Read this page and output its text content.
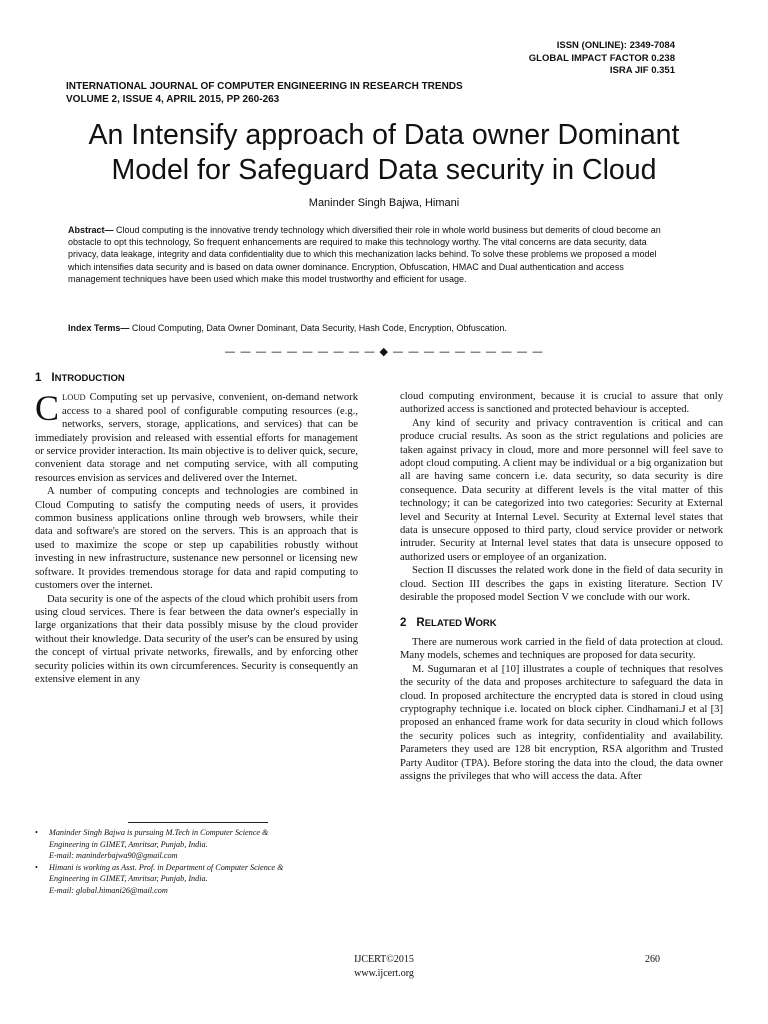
ISSN (ONLINE): 2349-7084
GLOBAL IMPACT FACTOR 0.238
ISRA JIF 0.351
INTERNATIONAL JOURNAL OF COMPUTER ENGINEERING IN RESEARCH TRENDS
VOLUME 2, ISSUE 4, APRIL 2015, PP 260-263
An Intensify approach of Data owner Dominant
Model for Safeguard Data security in Cloud
Maninder Singh Bajwa, Himani
Abstract— Cloud computing is the innovative trendy technology which diversified their role in whole world business but demerits of cloud become an obstacle to opt this technology, So frequent enhancements are required to make this technology worthy. The vital concerns are data security, data privacy, data leakage, integrity and data confidentiality due to which this mechanization lacks behind. To solve these problems we proposed a model which intensifies data security and is based on data owner dominance. Encryption, Obfuscation, HMAC and Dual authentication and access management techniques have been used which make this model trustworthy and efficient for usage.
Index Terms— Cloud Computing, Data Owner Dominant, Data Security, Hash Code, Encryption, Obfuscation.
— — — — — — — — — — ◆ — — — — — — — — — —
1 INTRODUCTION

CLOUD Computing set up pervasive, convenient, on-demand network access to a shared pool of configurable computing resources (e.g., networks, servers, storage, applications, and services) that can be immediately provision and released with essential efforts for management or service provider interaction. Its main objective is to deliver quick, secure, convenient data storage and net computing service, with all computing resources envision as services and delivered over the Internet.

A number of computing concepts and technologies are combined in Cloud Computing to satisfy the computing needs of users, it provides common business applications online through web browsers, while their data and software's are stored on the servers. This is an approach that is used to maximize the scope or step up capabilities robustly without investing in new infrastructure, sustenance new personnel or licensing new software. It provides tremendous storage for data and rapid computing to customers over the internet.

Data security is one of the aspects of the cloud which prohibit users from using cloud services. There is fear between the data owner's especially in large organizations that their data possibly misuse by the cloud provider without their knowledge. Data security of the user's can be ensured by using the concept of virtual private networks, firewalls, and by enforcing other security policies within its own circumferences. Security is consequently an extensive element in any

cloud computing environment, because it is crucial to assure that only authorized access is sanctioned and protected behaviour is accepted.

Any kind of security and privacy contravention is critical and can produce crucial results. As soon as the strict regulations and policies are taken against privacy in cloud, more and more personnel will feel save to adopt cloud computing. A client may be individual or a big organization but all are having same concern i.e. data security, so data security is dire consequence. Data security at different levels is the vital matter of this technology; it can be categorized into two categories: Security at External level and Security at Internal Level. Security at External level states that data is unsecure opposed to third party, cloud service provider or network intruder. Security at Internal level states that data is unsecure opposed to authorized users or employee of an organization.

Section II discusses the related work done in the field of data security in cloud. Section III describes the gaps in existing literature. Section IV desirable the proposed model Section V we conclude with our work.

2 RELATED WORK

There are numerous work carried in the field of data protection at cloud. Many models, schemes and techniques are proposed for data security.

M. Sugumaran et al [10] illustrates a couple of techniques that resolves the security of the data and proposes architecture to safeguard the data in cloud. In proposed architecture the encrypted data is stored in cloud using cryptography technique i.e. located on block cipher. Cindhamani.J et al [3] proposed an enhanced frame work for data security in cloud which follows the security polices such as integrity, confidentiality and availability. Parameters they used are 128 bit encryption, RSA algorithm and Trusted Party Auditor (TPA). Before storing the data into the cloud, the data owner assigns the privileges that who will access the data. After

• Maninder Singh Bajwa is pursuing M.Tech in Computer Science &
Engineering in GIMET, Amritsar, Punjab, India.
E-mail: maninderbajwa90@gmail.com
• Himani is working as Asst. Prof. in Department of Computer Science &
Engineering in GIMET, Amritsar, Punjab, India.
E-mail: global.himani26@mail.com
IJCERT©2015
www.ijcert.org
260
